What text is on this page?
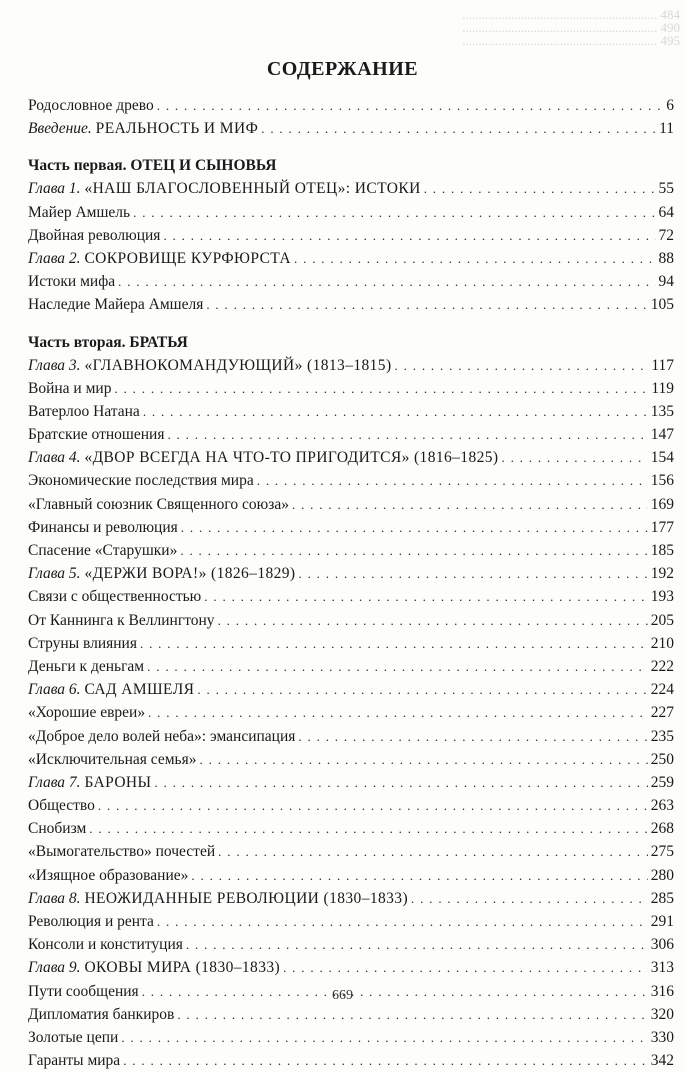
............................................................ 484
............................................................ 490
............................................................ 495
СОДЕРЖАНИЕ
Родословное древо . . .	6
Введение. РЕАЛЬНОСТЬ И МИФ . . .	11
Часть первая. ОТЕЦ И СЫНОВЬЯ
Глава 1. «НАШ БЛАГОСЛОВЕННЫЙ ОТЕЦ»: ИСТОКИ . . .	55
Майер Амшель . . .	64
Двойная революция . . .	72
Глава 2. СОКРОВИЩЕ КУРФЮРСТА . . .	88
Истоки мифа . . .	94
Наследие Майера Амшеля . . .	105
Часть вторая. БРАТЬЯ
Глава 3. «ГЛАВНОКОМАНДУЮЩИЙ» (1813–1815) . . .	117
Война и мир . . .	119
Ватерлоо Натана . . .	135
Братские отношения . . .	147
Глава 4. «ДВОР ВСЕГДА НА ЧТО-ТО ПРИГОДИТСЯ» (1816–1825) . . .	154
Экономические последствия мира . . .	156
«Главный союзник Священного союза» . . .	169
Финансы и революция . . .	177
Спасение «Старушки» . . .	185
Глава 5. «ДЕРЖИ ВОРА!» (1826–1829) . . .	192
Связи с общественностью . . .	193
От Каннинга к Веллингтону . . .	205
Струны влияния . . .	210
Деньги к деньгам . . .	222
Глава 6. САД АМШЕЛЯ . . .	224
«Хорошие евреи» . . .	227
«Доброе дело волей неба»: эмансипация . . .	235
«Исключительная семья» . . .	250
Глава 7. БАРОНЫ . . .	259
Общество . . .	263
Снобизм . . .	268
«Вымогательство» почестей . . .	275
«Изящное образование» . . .	280
Глава 8. НЕОЖИДАННЫЕ РЕВОЛЮЦИИ (1830–1833) . . .	285
Революция и рента . . .	291
Консоли и конституция . . .	306
Глава 9. ОКОВЫ МИРА (1830–1833) . . .	313
Пути сообщения . . .	316
Дипломатия банкиров . . .	320
Золотые цепи . . .	330
Гаранты мира . . .	342
669
